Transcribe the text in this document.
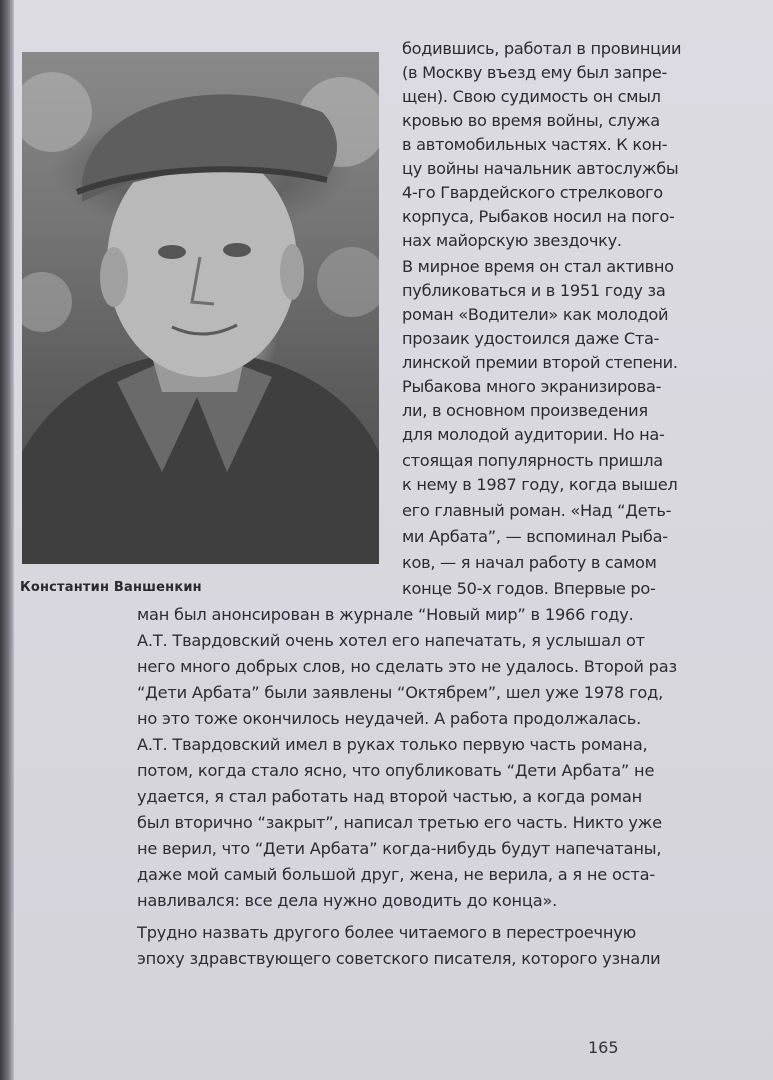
Константин Ваншенкин
бодившись, работал в провинции
(в Москву въезд ему был запре-
щен). Свою судимость он смыл
кровью во время войны, служа
в автомобильных частях. К кон-
цу войны начальник автослужбы
4-го Гвардейского стрелкового
корпуса, Рыбаков носил на пого-
нах майорскую звездочку.
В мирное время он стал активно
публиковаться и в 1951 году за
роман «Водители» как молодой
прозаик удостоился даже Ста-
линской премии второй степени.
Рыбакова много экранизирова-
ли, в основном произведения
для молодой аудитории. Но на-
стоящая популярность пришла
к нему в 1987 году, когда вышел
его главный роман. «Над “Деть-
ми Арбата”, — вспоминал Рыба-
ков, — я начал работу в самом
конце 50-х годов. Впервые ро-
ман был анонсирован в журнале “Новый мир” в 1966 году.
А.Т. Твардовский очень хотел его напечатать, я услышал от
него много добрых слов, но сделать это не удалось. Второй раз
“Дети Арбата” были заявлены “Октябрем”, шел уже 1978 год,
но это тоже окончилось неудачей. А работа продолжалась.
А.Т. Твардовский имел в руках только первую часть романа,
потом, когда стало ясно, что опубликовать “Дети Арбата” не
удается, я стал работать над второй частью, а когда роман
был вторично “закрыт”, написал третью его часть. Никто уже
не верил, что “Дети Арбата” когда-нибудь будут напечатаны,
даже мой самый большой друг, жена, не верила, а я не оста-
навливался: все дела нужно доводить до конца».
Трудно назвать другого более читаемого в перестроечную
эпоху здравствующего советского писателя, которого узнали
165
